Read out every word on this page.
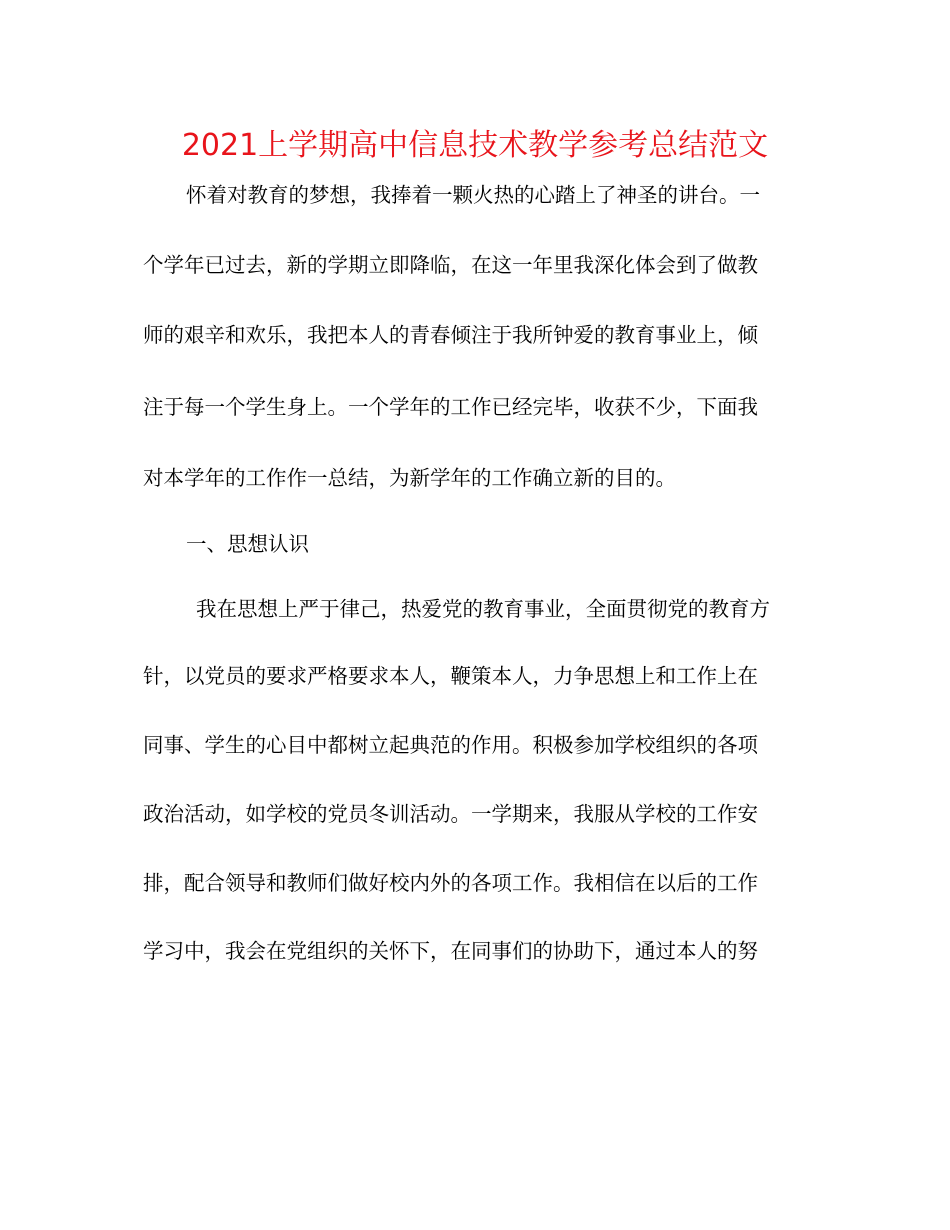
2021上学期高中信息技术教学参考总结范文
怀着对教育的梦想，我捧着一颗火热的心踏上了神圣的讲台。一
个学年已过去，新的学期立即降临，在这一年里我深化体会到了做教
师的艰辛和欢乐，我把本人的青春倾注于我所钟爱的教育事业上，倾
注于每一个学生身上。一个学年的工作已经完毕，收获不少，下面我
对本学年的工作作一总结，为新学年的工作确立新的目的。
一、思想认识
我在思想上严于律己，热爱党的教育事业，全面贯彻党的教育方
针，以党员的要求严格要求本人，鞭策本人，力争思想上和工作上在
同事、学生的心目中都树立起典范的作用。积极参加学校组织的各项
政治活动，如学校的党员冬训活动。一学期来，我服从学校的工作安
排，配合领导和教师们做好校内外的各项工作。我相信在以后的工作
学习中，我会在党组织的关怀下，在同事们的协助下，通过本人的努
